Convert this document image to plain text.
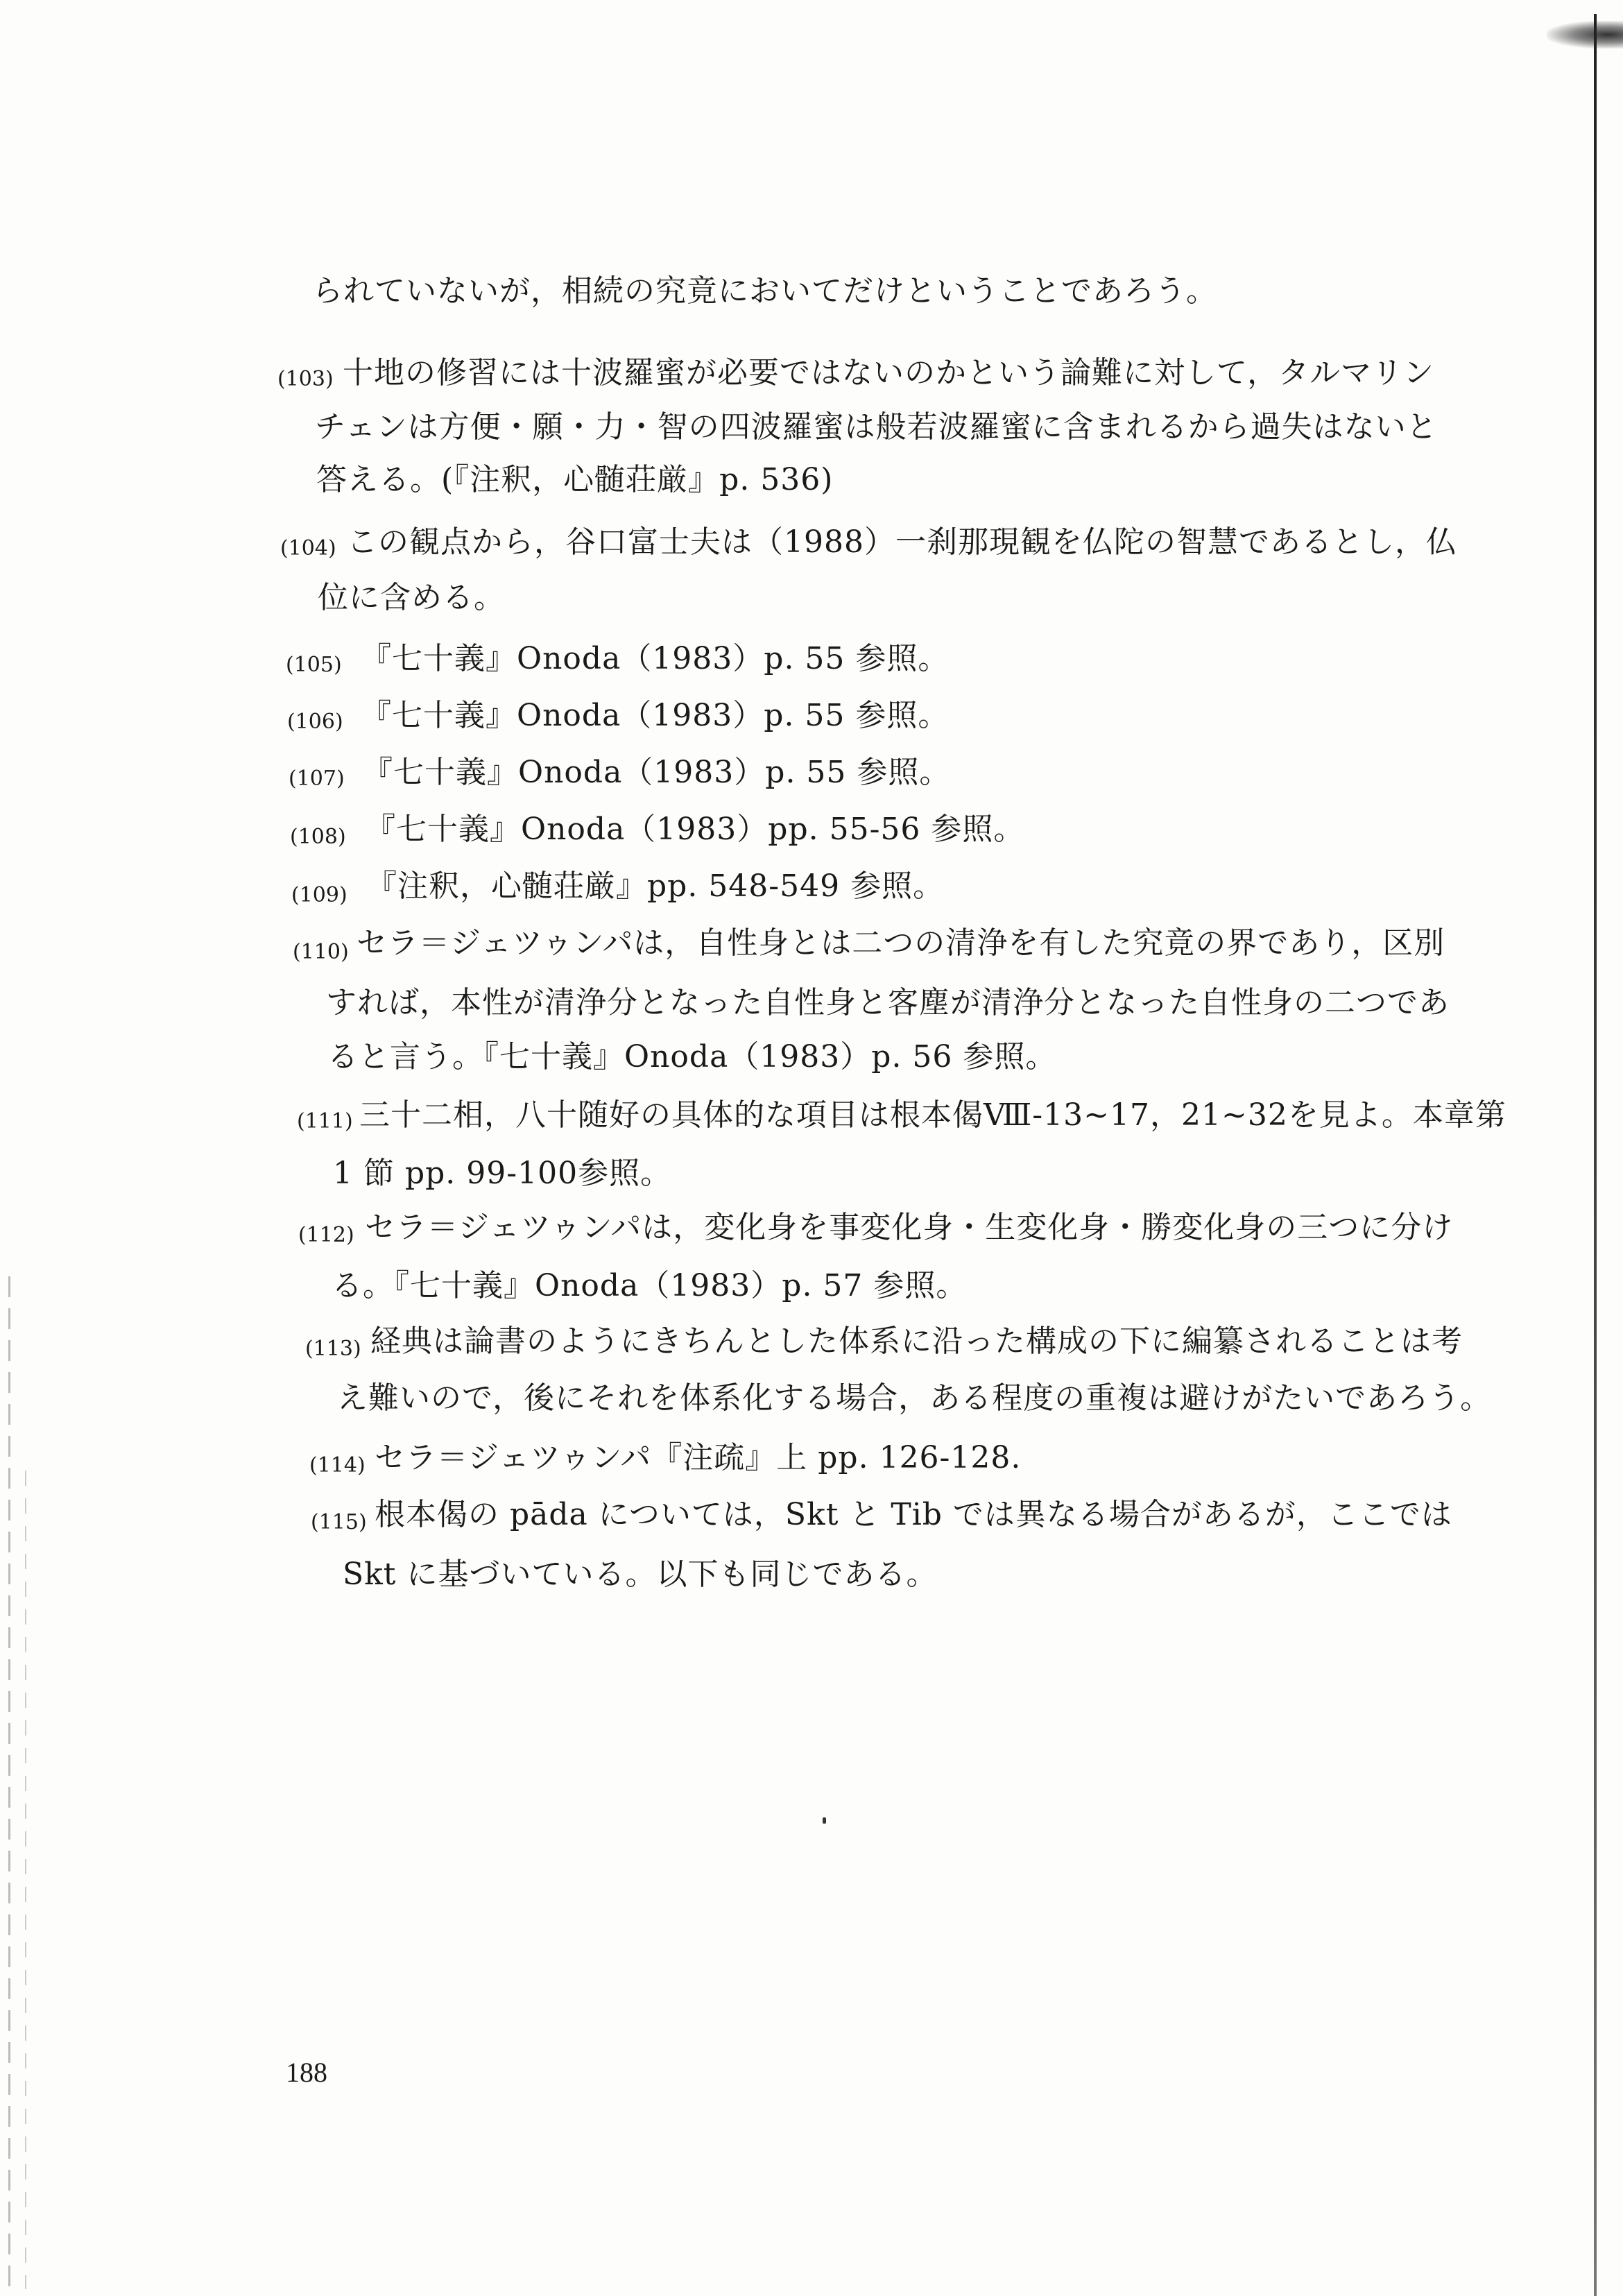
られていないが，相続の究竟においてだけということであろう。
(103) 十地の修習には十波羅蜜が必要ではないのかという論難に対して，タルマリン
チェンは方便・願・力・智の四波羅蜜は般若波羅蜜に含まれるから過失はないと
答える。(『注釈，心髄荘厳』p. 536)
(104) この観点から，谷口富士夫は（1988）一刹那現観を仏陀の智慧であるとし，仏
位に含める。
(105) 『七十義』Onoda（1983）p. 55 参照。
(106) 『七十義』Onoda（1983）p. 55 参照。
(107) 『七十義』Onoda（1983）p. 55 参照。
(108) 『七十義』Onoda（1983）pp. 55-56 参照。
(109) 『注釈，心髄荘厳』pp. 548-549 参照。
(110) セラ＝ジェツゥンパは，自性身とは二つの清浄を有した究竟の界であり，区別
すれば，本性が清浄分となった自性身と客塵が清浄分となった自性身の二つであ
ると言う。『七十義』Onoda（1983）p. 56 参照。
(111) 三十二相，八十随好の具体的な項目は根本偈Ⅷ-13~17，21~32を見よ。本章第
1 節 pp. 99-100参照。
(112) セラ＝ジェツゥンパは，変化身を事変化身・生変化身・勝変化身の三つに分け
る。『七十義』Onoda（1983）p. 57 参照。
(113) 経典は論書のようにきちんとした体系に沿った構成の下に編纂されることは考
え難いので，後にそれを体系化する場合，ある程度の重複は避けがたいであろう。
(114) セラ＝ジェツゥンパ『注疏』上 pp. 126-128.
(115) 根本偈の pāda については，Skt と Tib では異なる場合があるが，ここでは
Skt に基づいている。以下も同じである。
188
